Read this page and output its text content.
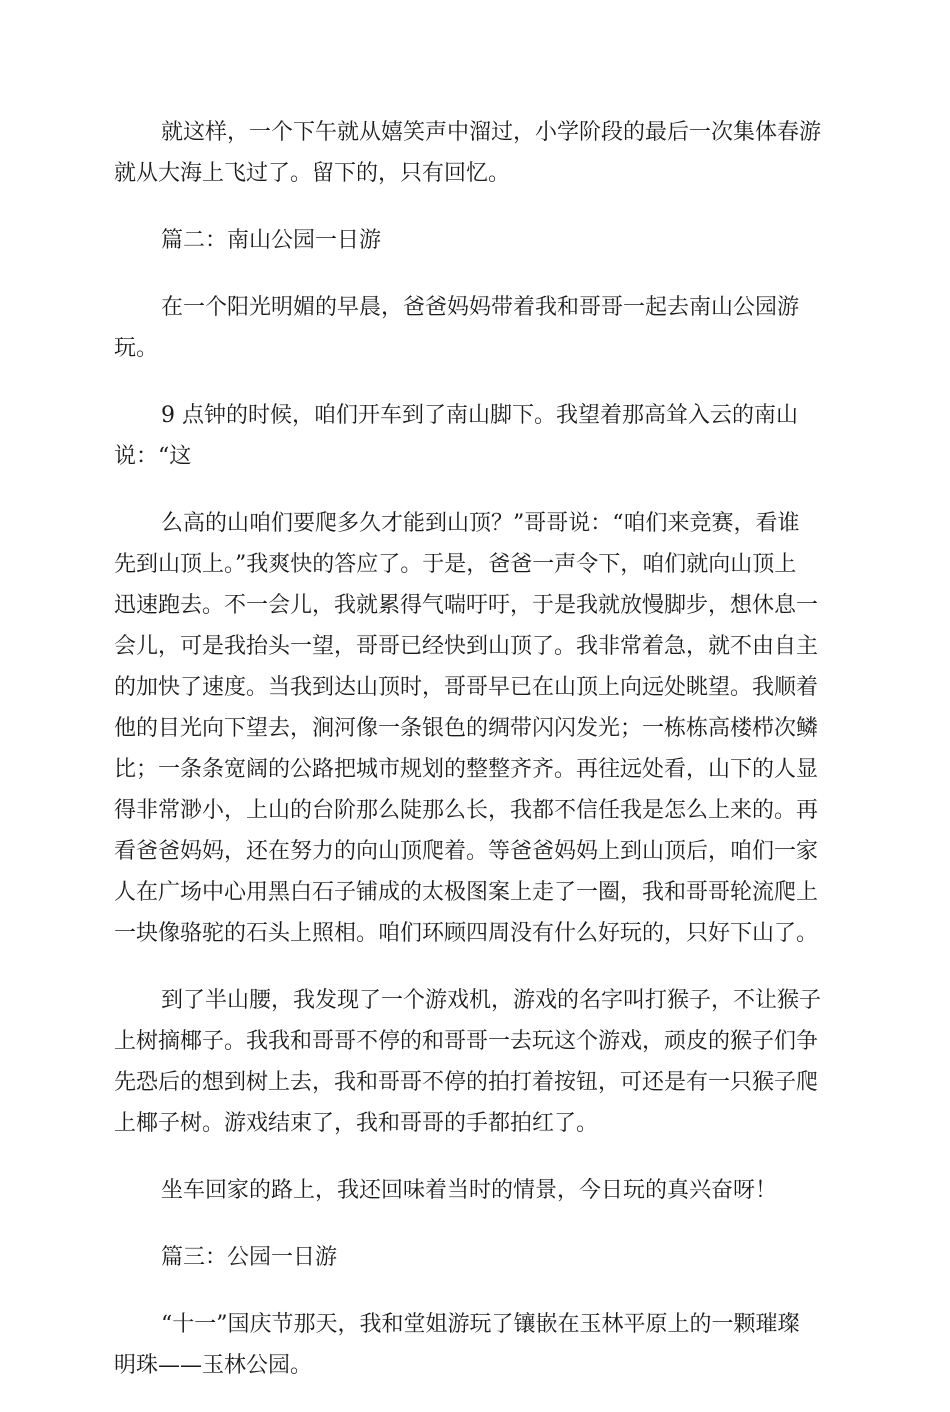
就这样，一个下午就从嬉笑声中溜过，小学阶段的最后一次集体春游
就从大海上飞过了。留下的，只有回忆。

篇二：南山公园一日游

在一个阳光明媚的早晨，爸爸妈妈带着我和哥哥一起去南山公园游
玩。

9 点钟的时候，咱们开车到了南山脚下。我望着那高耸入云的南山
说：“这

么高的山咱们要爬多久才能到山顶？”哥哥说：“咱们来竞赛，看谁
先到山顶上。”我爽快的答应了。于是，爸爸一声令下，咱们就向山顶上
迅速跑去。不一会儿，我就累得气喘吁吁，于是我就放慢脚步，想休息一
会儿，可是我抬头一望，哥哥已经快到山顶了。我非常着急，就不由自主
的加快了速度。当我到达山顶时，哥哥早已在山顶上向远处眺望。我顺着
他的目光向下望去，涧河像一条银色的绸带闪闪发光；一栋栋高楼栉次鳞
比；一条条宽阔的公路把城市规划的整整齐齐。再往远处看，山下的人显
得非常渺小，上山的台阶那么陡那么长，我都不信任我是怎么上来的。再
看爸爸妈妈，还在努力的向山顶爬着。等爸爸妈妈上到山顶后，咱们一家
人在广场中心用黑白石子铺成的太极图案上走了一圈，我和哥哥轮流爬上
一块像骆驼的石头上照相。咱们环顾四周没有什么好玩的，只好下山了。

到了半山腰，我发现了一个游戏机，游戏的名字叫打猴子，不让猴子
上树摘椰子。我我和哥哥不停的和哥哥一去玩这个游戏，顽皮的猴子们争
先恐后的想到树上去，我和哥哥不停的拍打着按钮，可还是有一只猴子爬
上椰子树。游戏结束了，我和哥哥的手都拍红了。

坐车回家的路上，我还回味着当时的情景，今日玩的真兴奋呀！

篇三：公园一日游

“十一”国庆节那天，我和堂姐游玩了镶嵌在玉林平原上的一颗璀璨
明珠——玉林公园。
